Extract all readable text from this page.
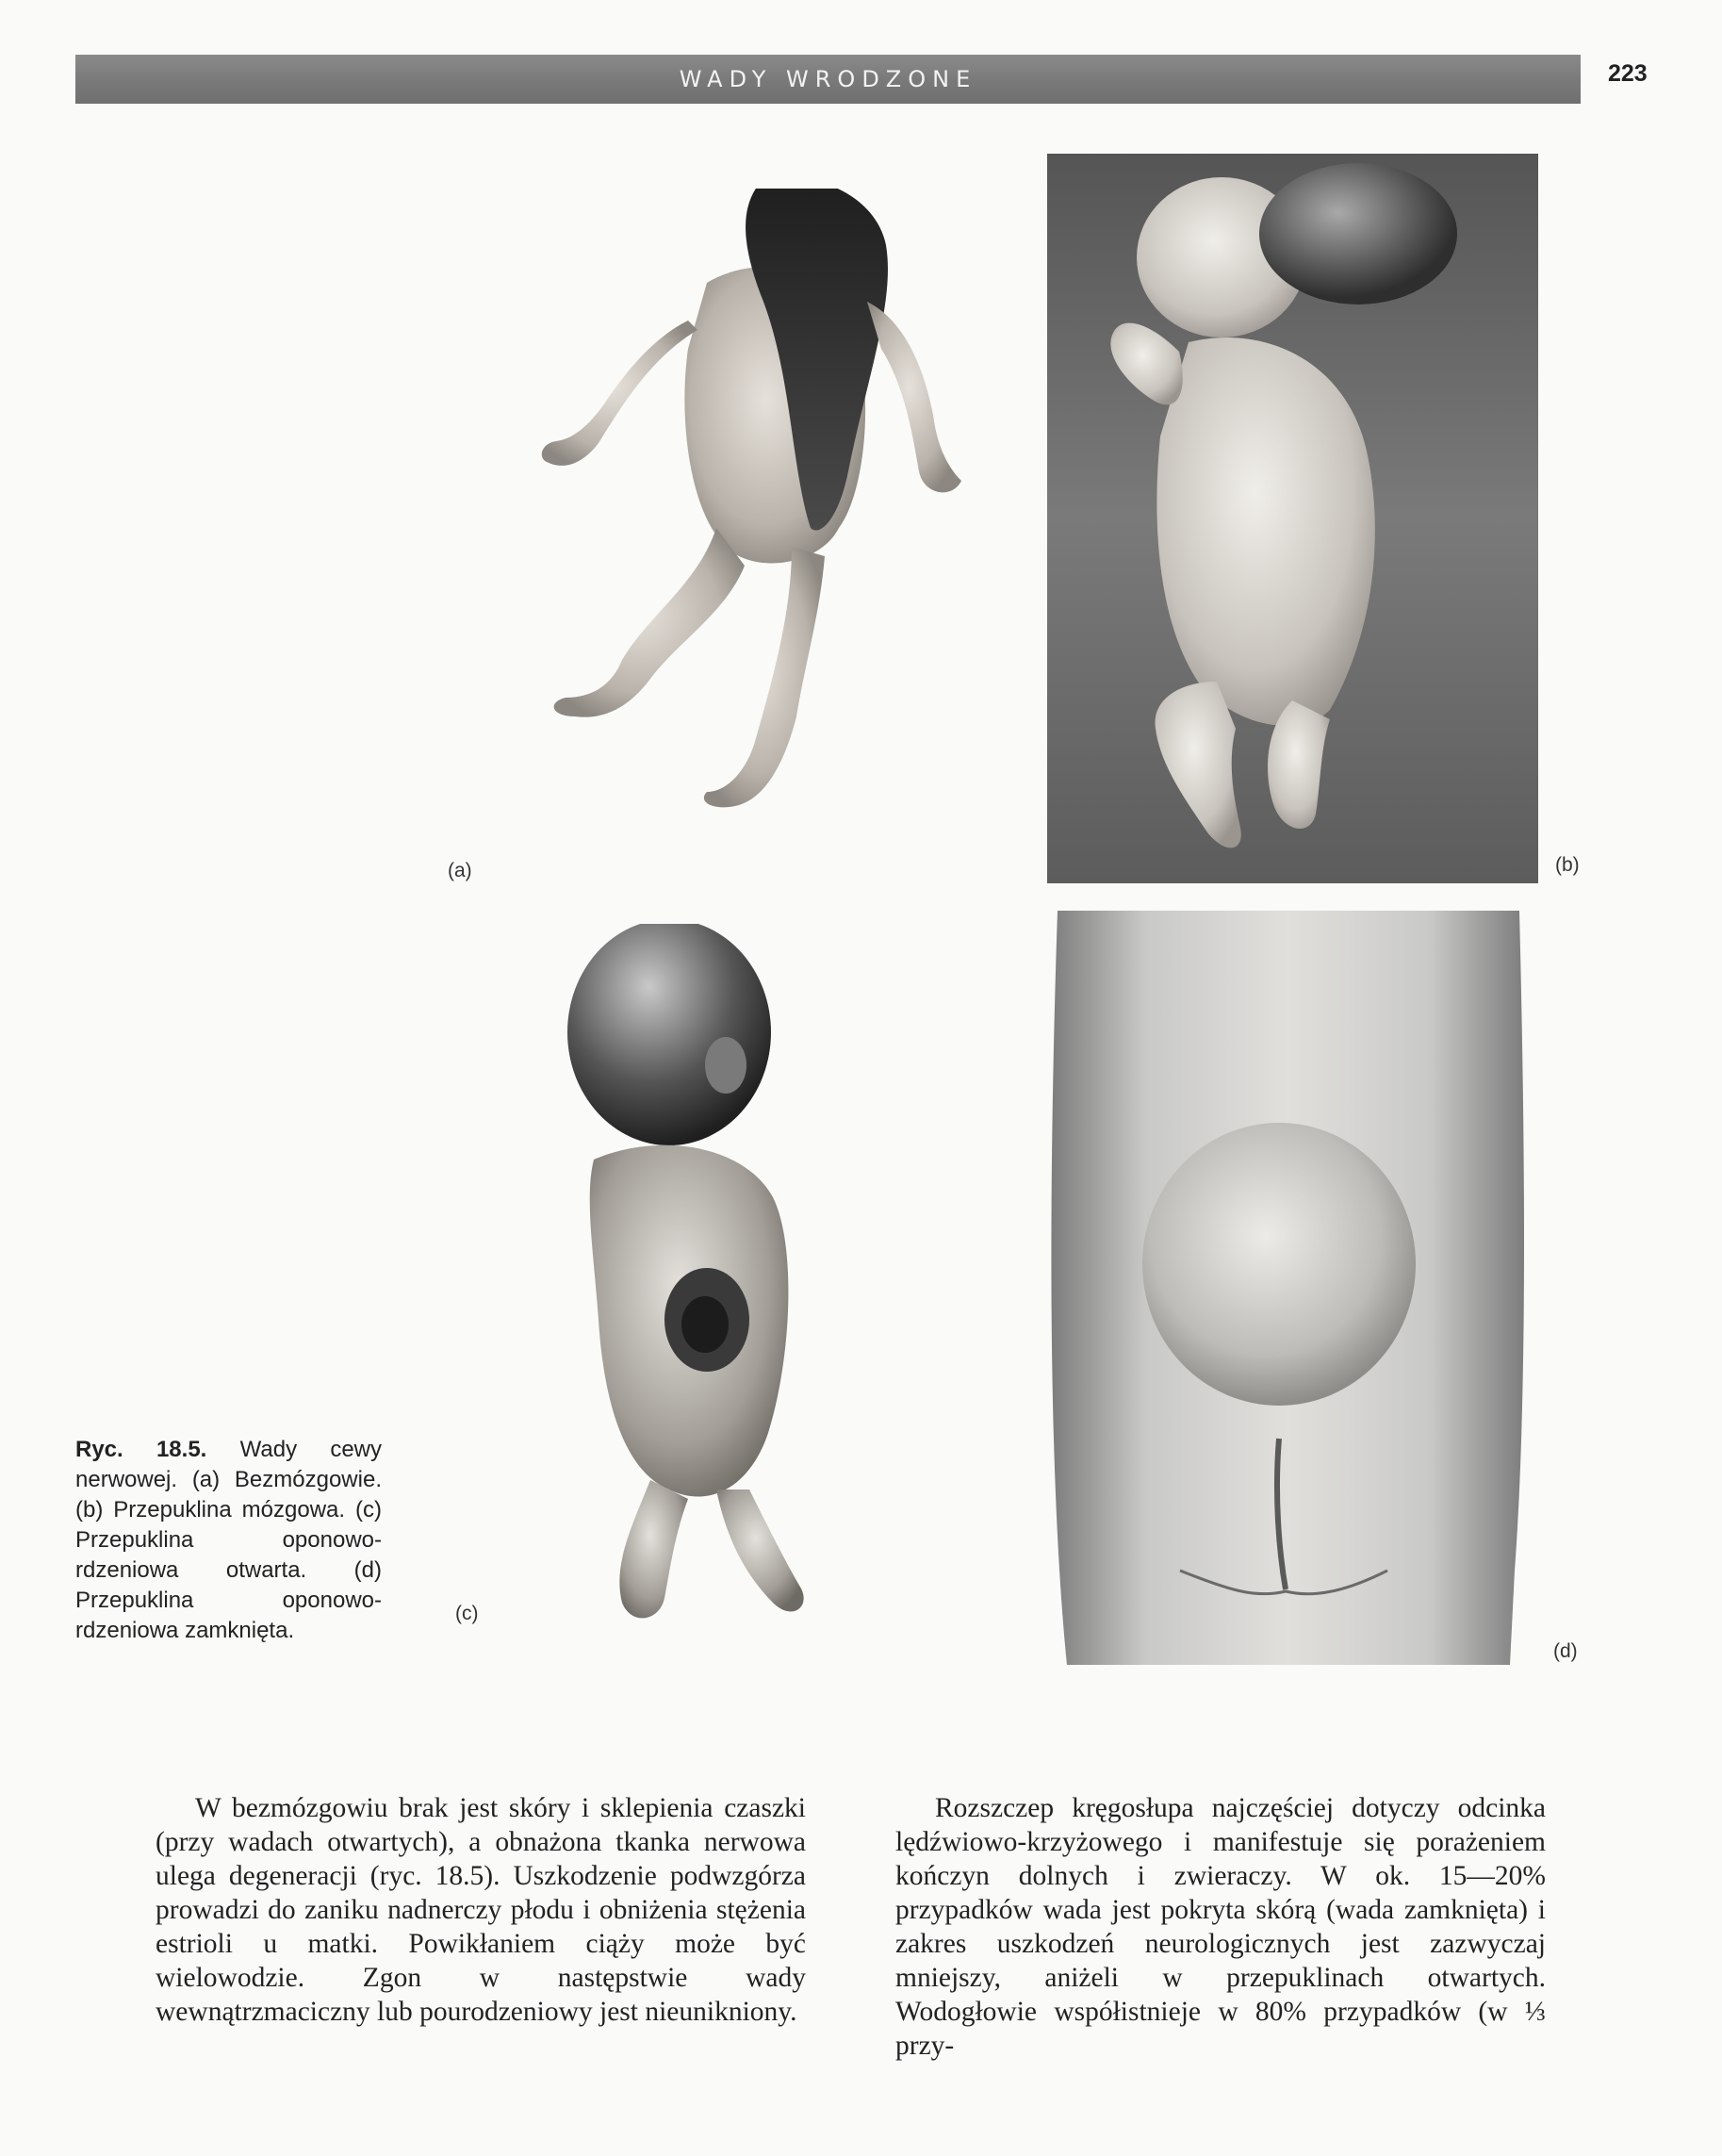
WADY WRODZONE	223
(a)	(b)
(c)
(d)
Ryc. 18.5. Wady cewy nerwowej. (a) Bezmózgowie. (b) Przepuklina mózgowa. (c) Przepuklina oponowo-rdzeniowa otwarta. (d) Przepuklina oponowo-rdzeniowa zamknięta.

W bezmózgowiu brak jest skóry i sklepienia czaszki (przy wadach otwartych), a obnażona tkanka nerwowa ulega degeneracji (ryc. 18.5). Uszkodzenie podwzgórza prowadzi do zaniku nadnerczy płodu i obniżenia stężenia estrioli u matki. Powikłaniem ciąży może być wielowodzie. Zgon w następstwie wady wewnątrzmaciczny lub pourodzeniowy jest nieunikniony.

Rozszczep kręgosłupa najczęściej dotyczy odcinka lędźwiowo-krzyżowego i manifestuje się porażeniem kończyn dolnych i zwieraczy. W ok. 15—20% przypadków wada jest pokryta skórą (wada zamknięta) i zakres uszkodzeń neurologicznych jest zazwyczaj mniejszy, aniżeli w przepuklinach otwartych. Wodogłowie współistnieje w 80% przypadków (w ⅓ przy-
